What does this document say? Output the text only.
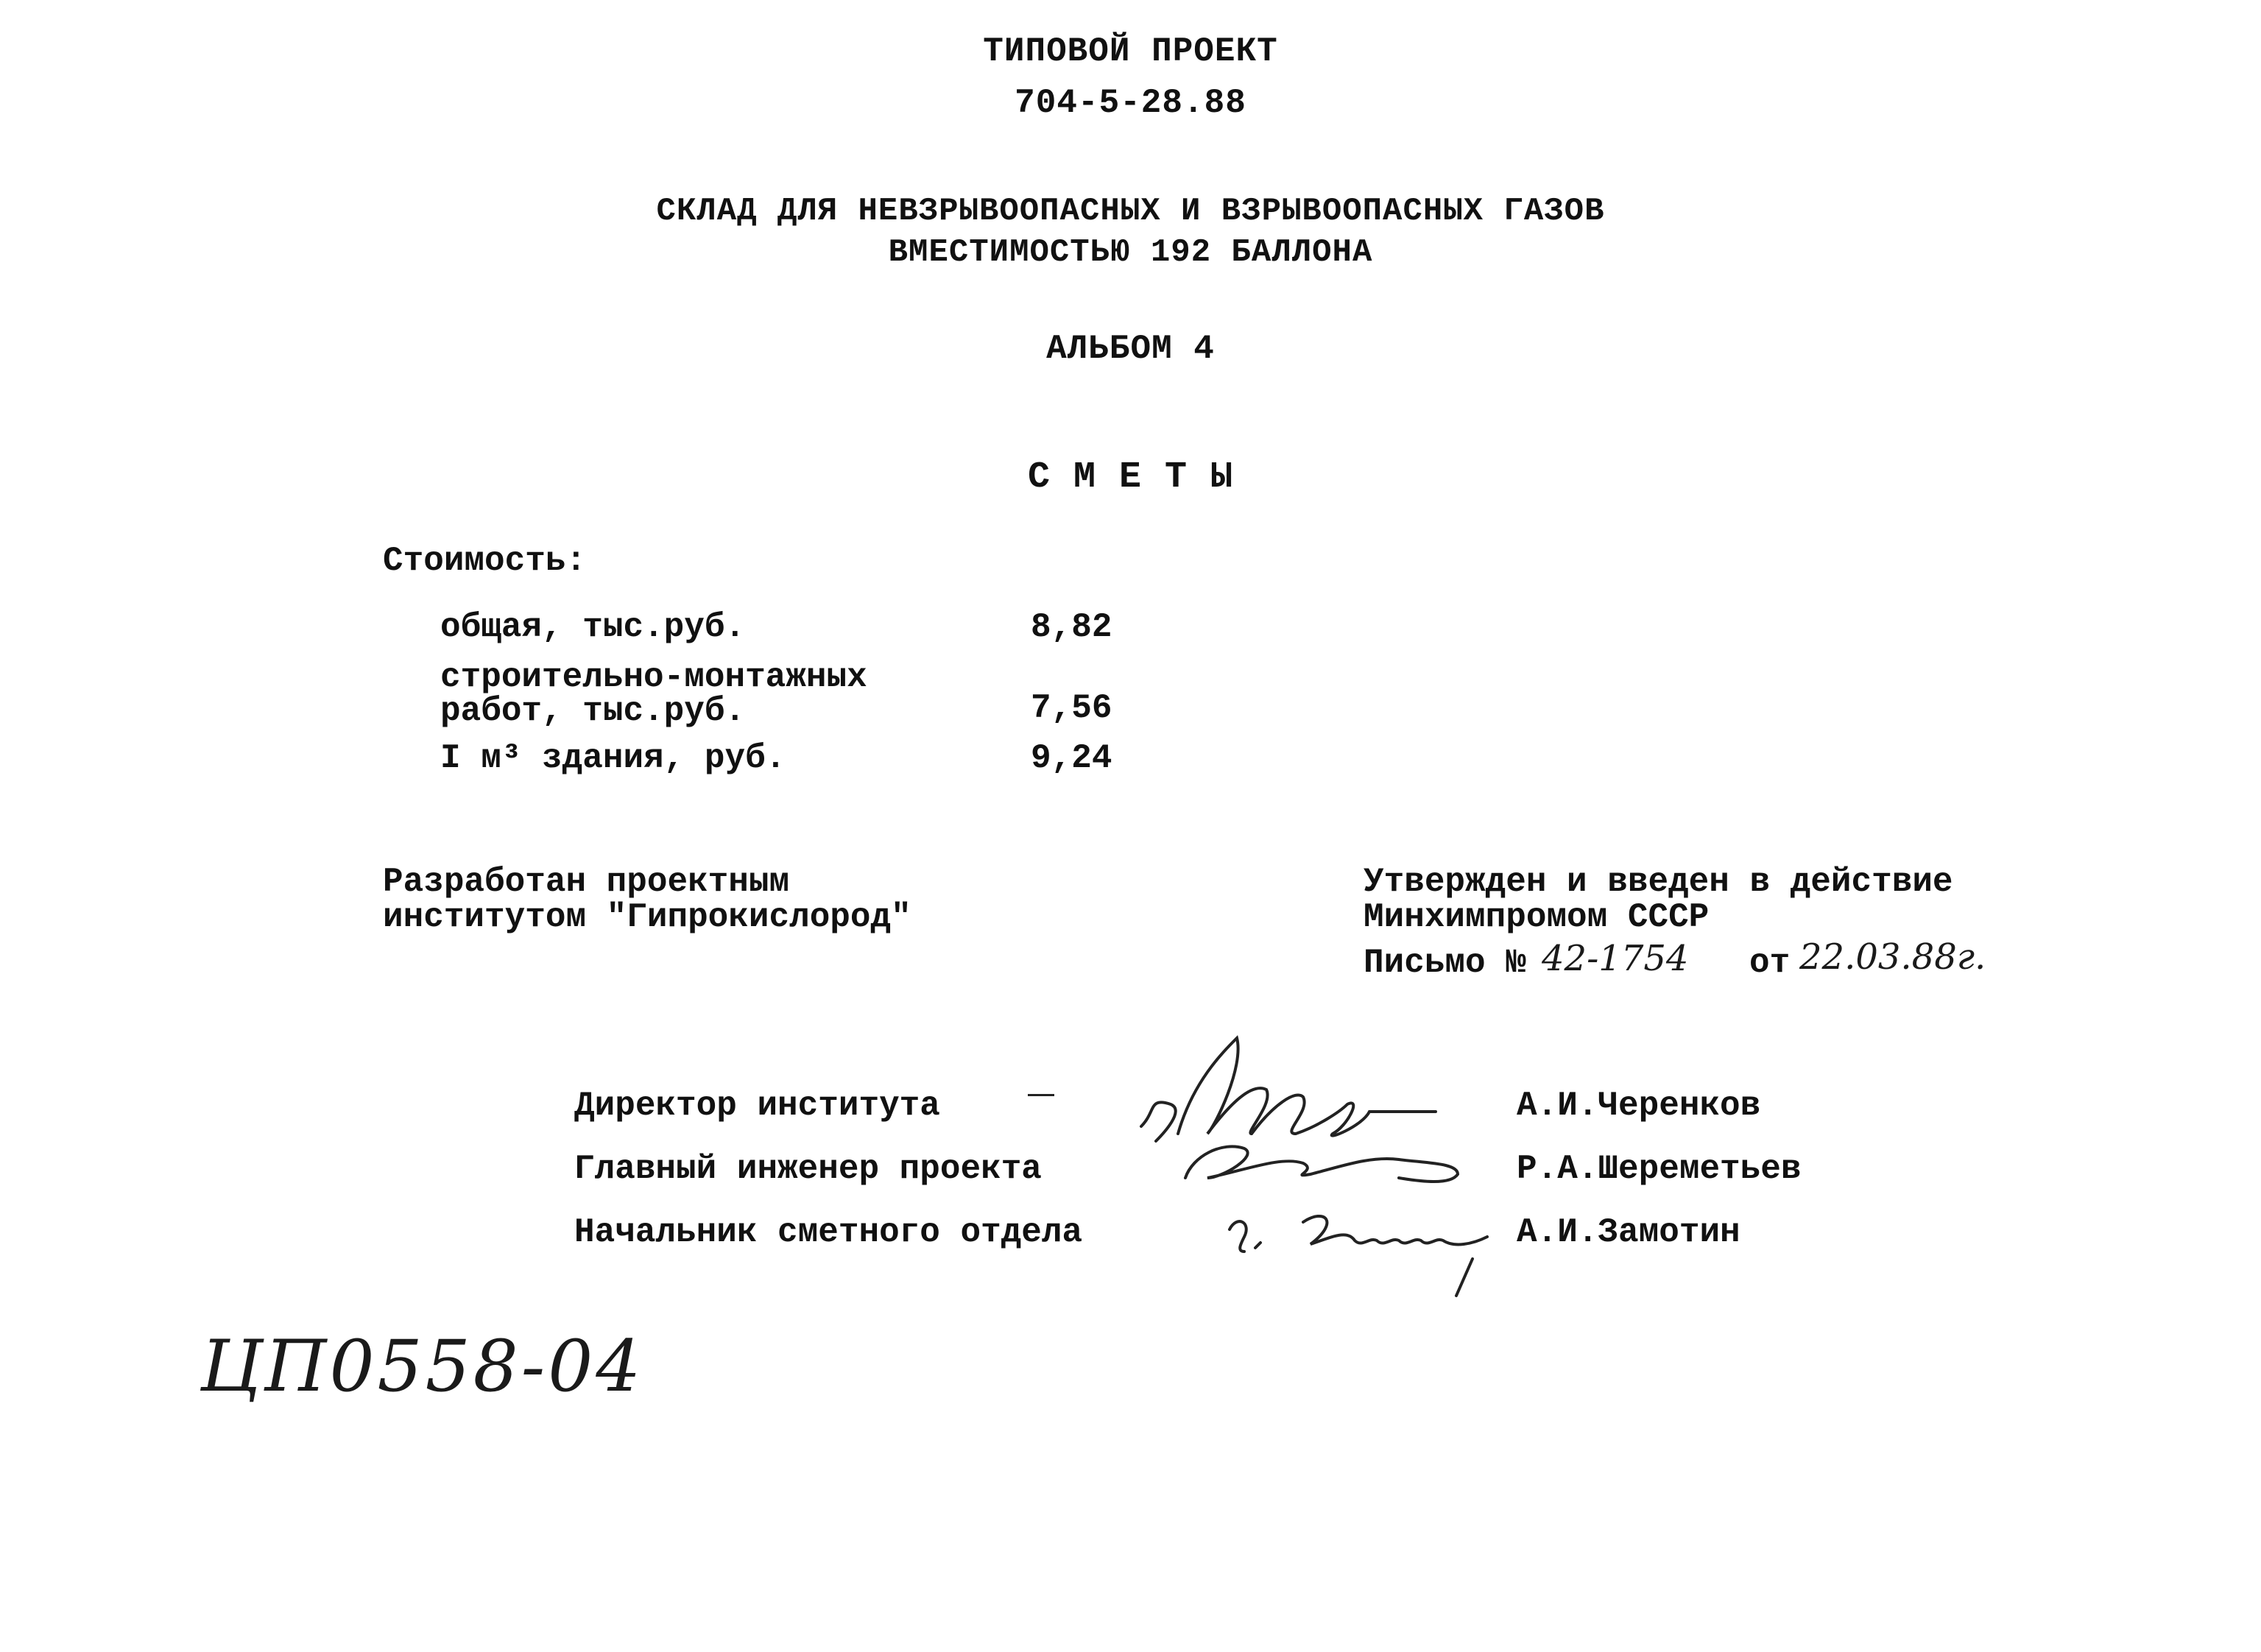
ТИПОВОЙ ПРОЕКТ
704-5-28.88
СКЛАД ДЛЯ НЕВЗРЫВООПАСНЫХ И ВЗРЫВООПАСНЫХ ГАЗОВ
ВМЕСТИМОСТЬЮ 192 БАЛЛОНА
АЛЬБОМ 4
С М Е Т Ы
Стоимость:
общая, тыс.руб.	8,82
строительно-монтажных
работ, тыс.руб.	7,56
I м³ здания, руб.	9,24
Разработан проектным
институтом "Гипрокислород"
Утвержден и введен в действие
Минхимпромом СССР
Письмо № 42-1754 от 22.03.88г.
Директор института	А.И.Черенков
Главный инженер проекта	Р.А.Шереметьев
Начальник сметного отдела	А.И.Замотин
ЦП0558-04
